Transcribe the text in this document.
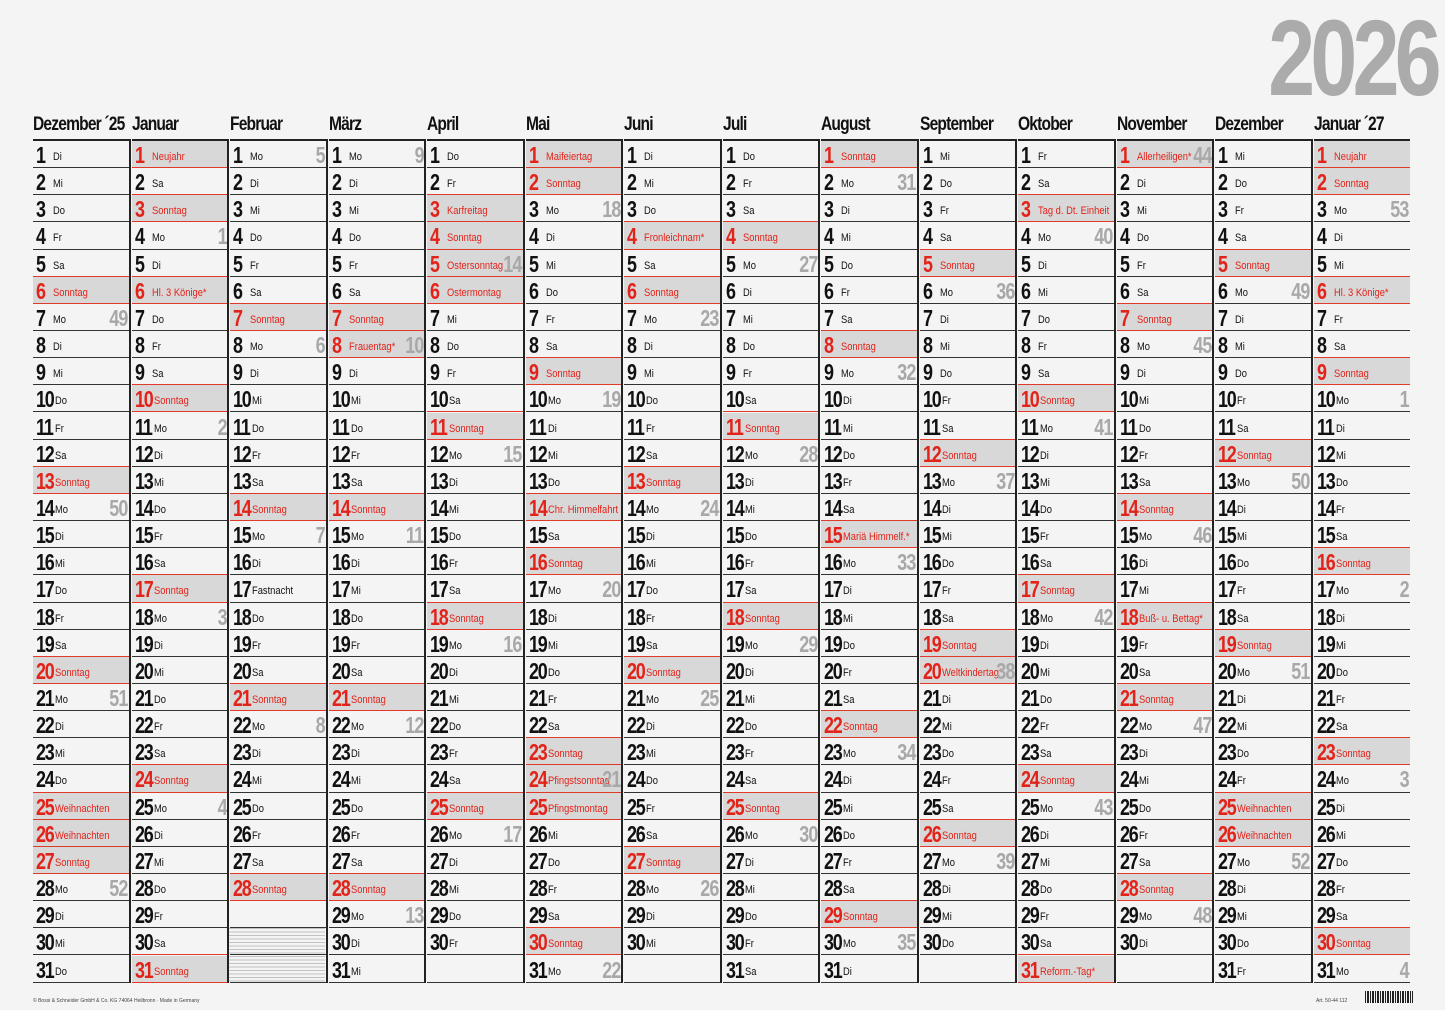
2026
Dezember ´25
1 Di
2 Mi
3 Do
4 Fr
5 Sa
6 Sonntag
7 Mo 49
8 Di
9 Mi
10 Do
11 Fr
12 Sa
13 Sonntag
14 Mo 50
15 Di
16 Mi
17 Do
18 Fr
19 Sa
20 Sonntag
21 Mo 51
22 Di
23 Mi
24 Do
25 Weihnachten
26 Weihnachten
27 Sonntag
28 Mo 52
29 Di
30 Mi
31 Do
Januar
1 Neujahr
2 Sa
3 Sonntag
4 Mo 1
5 Di
6 Hl. 3 Könige*
7 Do
8 Fr
9 Sa
10 Sonntag
11 Mo 2
12 Di
13 Mi
14 Do
15 Fr
16 Sa
17 Sonntag
18 Mo 3
19 Di
20 Mi
21 Do
22 Fr
23 Sa
24 Sonntag
25 Mo 4
26 Di
27 Mi
28 Do
29 Fr
30 Sa
31 Sonntag
Februar
1 Mo 5
2 Di
3 Mi
4 Do
5 Fr
6 Sa
7 Sonntag
8 Mo 6
9 Di
10 Mi
11 Do
12 Fr
13 Sa
14 Sonntag
15 Mo 7
16 Di
17 Fastnacht
18 Do
19 Fr
20 Sa
21 Sonntag
22 Mo 8
23 Di
24 Mi
25 Do
26 Fr
27 Sa
28 Sonntag
März
1 Mo 9
2 Di
3 Mi
4 Do
5 Fr
6 Sa
7 Sonntag
8 Frauentag* 10
9 Di
10 Mi
11 Do
12 Fr
13 Sa
14 Sonntag
15 Mo 11
16 Di
17 Mi
18 Do
19 Fr
20 Sa
21 Sonntag
22 Mo 12
23 Di
24 Mi
25 Do
26 Fr
27 Sa
28 Sonntag
29 Mo 13
30 Di
31 Mi
April
1 Do
2 Fr
3 Karfreitag
4 Sonntag
5 Ostersonntag 14
6 Ostermontag
7 Mi
8 Do
9 Fr
10 Sa
11 Sonntag
12 Mo 15
13 Di
14 Mi
15 Do
16 Fr
17 Sa
18 Sonntag
19 Mo 16
20 Di
21 Mi
22 Do
23 Fr
24 Sa
25 Sonntag
26 Mo 17
27 Di
28 Mi
29 Do
30 Fr
Mai
1 Maifeiertag
2 Sonntag
3 Mo 18
4 Di
5 Mi
6 Do
7 Fr
8 Sa
9 Sonntag
10 Mo 19
11 Di
12 Mi
13 Do
14 Chr. Himmelfahrt
15 Sa
16 Sonntag
17 Mo 20
18 Di
19 Mi
20 Do
21 Fr
22 Sa
23 Sonntag
24 Pfingstsonntag
21
25 Pfingstmontag
26 Mi
27 Do
28 Fr
29 Sa
30 Sonntag
31 Mo 22
Juni
1 Di
2 Mi
3 Do
4 Fronleichnam*
5 Sa
6 Sonntag
7 Mo 23
8 Di
9 Mi
10 Do
11 Fr
12 Sa
13 Sonntag
14 Mo 24
15 Di
16 Mi
17 Do
18 Fr
19 Sa
20 Sonntag
21 Mo 25
22 Di
23 Mi
24 Do
25 Fr
26 Sa
27 Sonntag
28 Mo 26
29 Di
30 Mi
Juli
1 Do
2 Fr
3 Sa
4 Sonntag
5 Mo 27
6 Di
7 Mi
8 Do
9 Fr
10 Sa
11 Sonntag
12 Mo 28
13 Di
14 Mi
15 Do
16 Fr
17 Sa
18 Sonntag
19 Mo 29
20 Di
21 Mi
22 Do
23 Fr
24 Sa
25 Sonntag
26 Mo 30
27 Di
28 Mi
29 Do
30 Fr
31 Sa
August
1 Sonntag
2 Mo 31
3 Di
4 Mi
5 Do
6 Fr
7 Sa
8 Sonntag
9 Mo 32
10 Di
11 Mi
12 Do
13 Fr
14 Sa
15 Mariä Himmelf.*
16 Mo 33
17 Di
18 Mi
19 Do
20 Fr
21 Sa
22 Sonntag
23 Mo 34
24 Di
25 Mi
26 Do
27 Fr
28 Sa
29 Sonntag
30 Mo 35
31 Di
September
1 Mi
2 Do
3 Fr
4 Sa
5 Sonntag
6 Mo 36
7 Di
8 Mi
9 Do
10 Fr
11 Sa
12 Sonntag
13 Mo 37
14 Di
15 Mi
16 Do
17 Fr
18 Sa
19 Sonntag
20 Weltkindertag*
38
21 Di
22 Mi
23 Do
24 Fr
25 Sa
26 Sonntag
27 Mo 39
28 Di
29 Mi
30 Do
Oktober
1 Fr
2 Sa
3 Tag d. Dt. Einheit
4 Mo 40
5 Di
6 Mi
7 Do
8 Fr
9 Sa
10 Sonntag
11 Mo 41
12 Di
13 Mi
14 Do
15 Fr
16 Sa
17 Sonntag
18 Mo 42
19 Di
20 Mi
21 Do
22 Fr
23 Sa
24 Sonntag
25 Mo 43
26 Di
27 Mi
28 Do
29 Fr
30 Sa
31 Reform.-Tag*
November
1 Allerheiligen* 44
2 Di
3 Mi
4 Do
5 Fr
6 Sa
7 Sonntag
8 Mo 45
9 Di
10 Mi
11 Do
12 Fr
13 Sa
14 Sonntag
15 Mo 46
16 Di
17 Mi
18 Buß- u. Bettag*
19 Fr
20 Sa
21 Sonntag
22 Mo 47
23 Di
24 Mi
25 Do
26 Fr
27 Sa
28 Sonntag
29 Mo 48
30 Di
Dezember
1 Mi
2 Do
3 Fr
4 Sa
5 Sonntag
6 Mo 49
7 Di
8 Mi
9 Do
10 Fr
11 Sa
12 Sonntag
13 Mo 50
14 Di
15 Mi
16 Do
17 Fr
18 Sa
19 Sonntag
20 Mo 51
21 Di
22 Mi
23 Do
24 Fr
25 Weihnachten
26 Weihnachten
27 Mo 52
28 Di
29 Mi
30 Do
31 Fr
Januar ´27
1 Neujahr
2 Sonntag
3 Mo 53
4 Di
5 Mi
6 Hl. 3 Könige*
7 Fr
8 Sa
9 Sonntag
10 Mo 1
11 Di
12 Mi
13 Do
14 Fr
15 Sa
16 Sonntag
17 Mo 2
18 Di
19 Mi
20 Do
21 Fr
22 Sa
23 Sonntag
24 Mo 3
25 Di
26 Mi
27 Do
28 Fr
29 Sa
30 Sonntag
31 Mo 4
© Bossi & Schneider GmbH & Co. KG 74064 Heilbronn · Made in Germany	Art. 50-44 112
